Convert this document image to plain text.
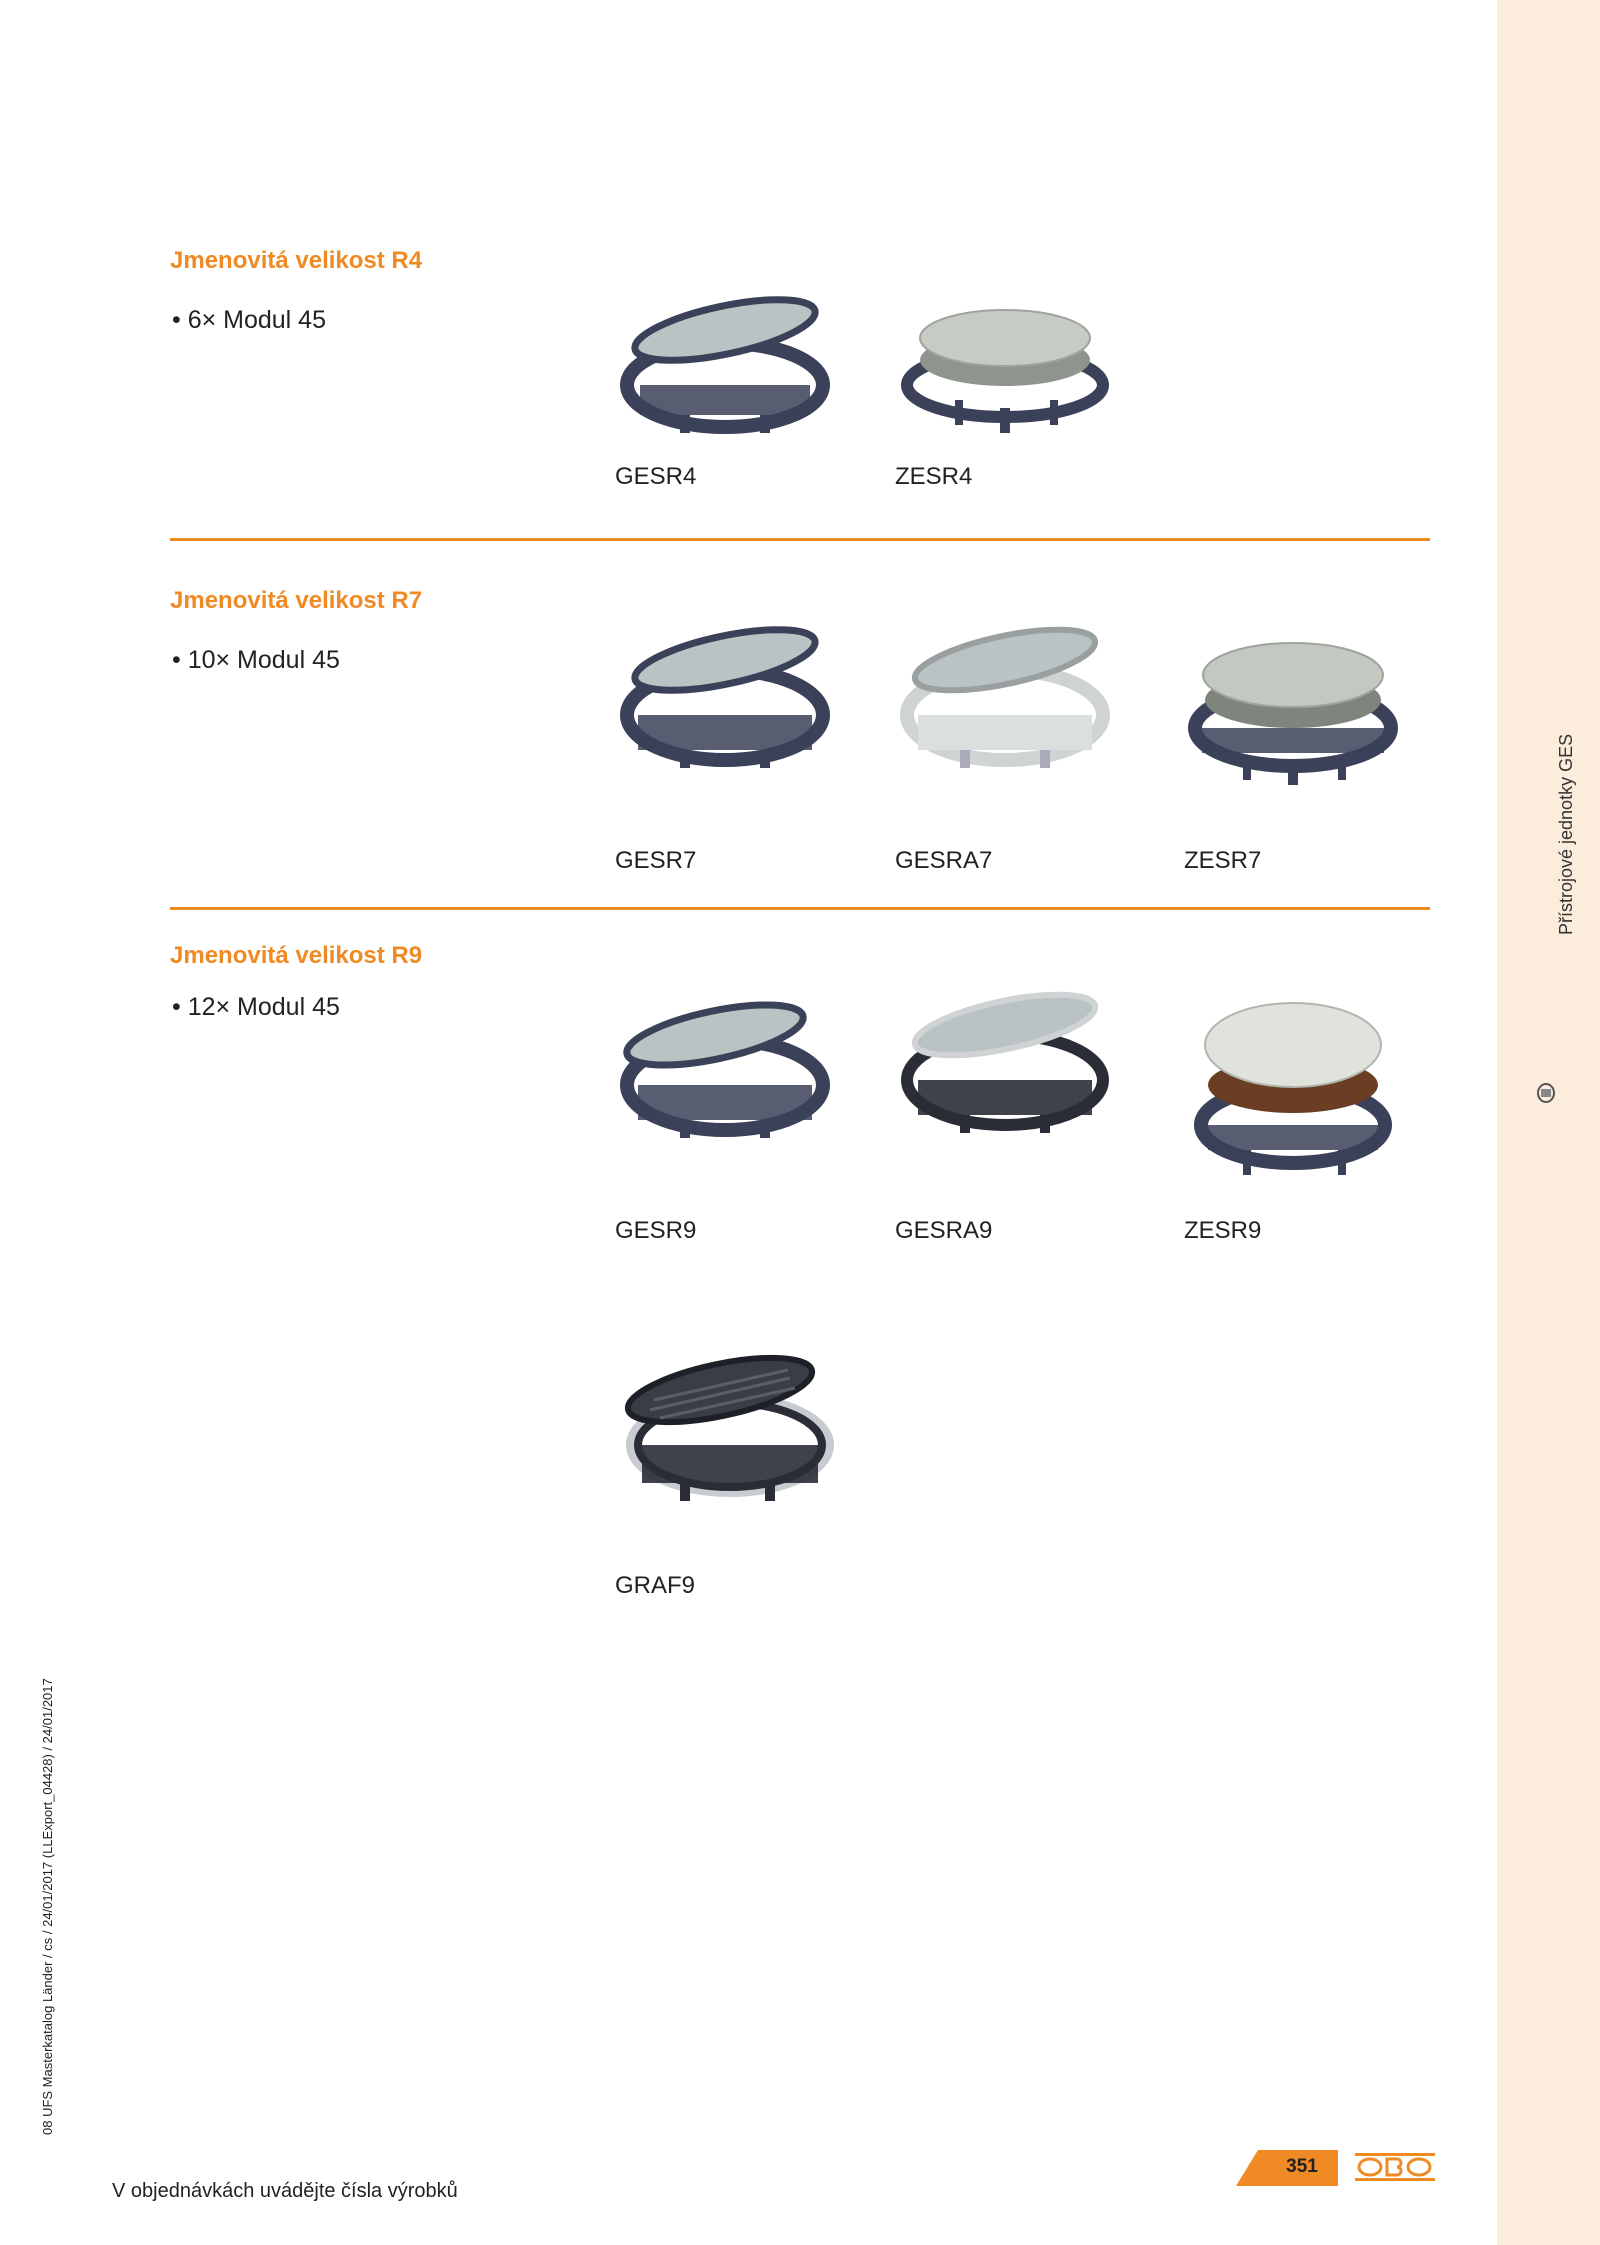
Přístrojové jednotky GES
08 UFS Masterkatalog Länder / cs / 24/01/2017 (LLExport_04428) / 24/01/2017
Jmenovitá velikost R4
• 6× Modul 45
GESR4	ZESR4
Jmenovitá velikost R7
• 10× Modul 45
GESR7	GESRA7	ZESR7
Jmenovitá velikost R9
• 12× Modul 45
GESR9	GESRA9	ZESR9
GRAF9
V objednávkách uvádějte čísla výrobků
351
